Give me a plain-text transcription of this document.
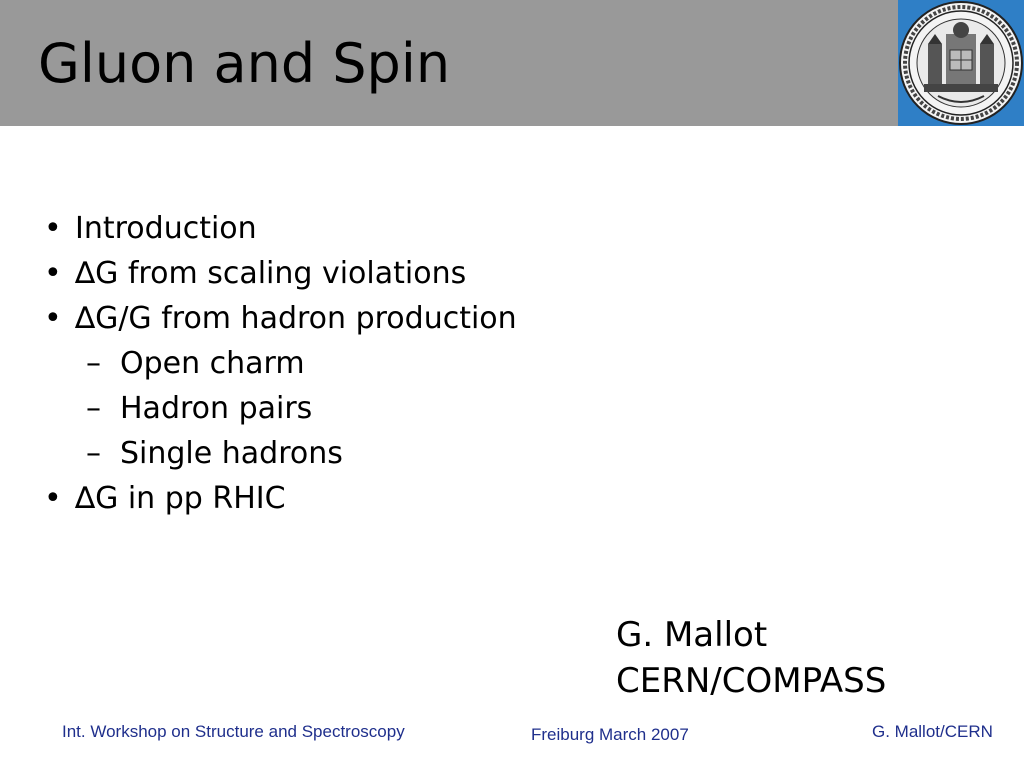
Gluon and Spin
• Introduction
• ∆G from scaling violations
• ∆G/G from hadron production
– Open charm
– Hadron pairs
– Single hadrons
• ∆G in pp RHIC
G. Mallot
CERN/COMPASS
Int. Workshop on Structure and Spectroscopy	Freiburg March 2007	G. Mallot/CERN
